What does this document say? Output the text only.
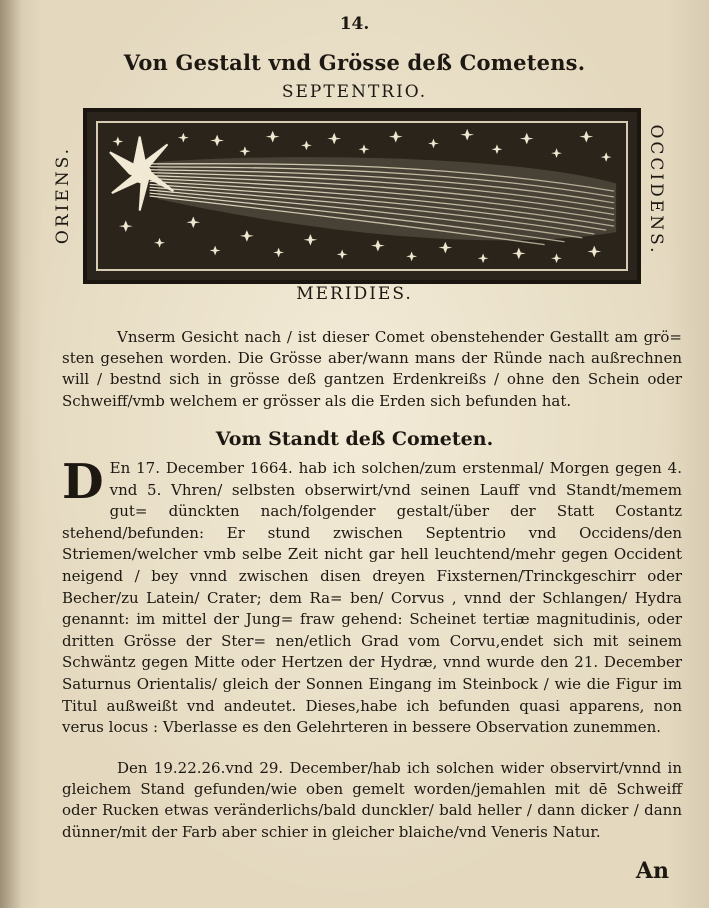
14.
Von Gestalt vnd Grösse deß Cometens.
SEPTENTRIO.
ORIENS.	OCCIDENS.
MERIDIES.

Vnserm Gesicht nach / ist dieser Comet obenstehender Gestallt am grö= sten gesehen worden. Die Grösse aber/wann mans der Ründe nach außrechnen will / bestnd sich in grösse deß gantzen Erdenkreißs / ohne den Schein oder Schweiff/vmb welchem er grösser als die Erden sich befunden hat.

Vom Standt deß Cometen.

D En 17. December 1664. hab ich solchen/zum erstenmal/ Morgen gegen 4. vnd 5. Vhren/ selbsten obserwirt/vnd seinen Lauff vnd Standt/memem gut= dünckten nach/folgender gestalt/über der Statt Costantz stehend/befunden: Er stund zwischen Septentrio vnd Occidens/den Striemen/welcher vmb selbe Zeit nicht gar hell leuchtend/mehr gegen Occident neigend / bey vnnd zwischen disen dreyen Fixsternen/Trinckgeschirr oder Becher/zu Latein/ Crater; dem Ra= ben/ Corvus , vnnd der Schlangen/ Hydra genannt: im mittel der Jung= fraw gehend: Scheinet tertiæ magnitudinis, oder dritten Grösse der Ster= nen/etlich Grad vom Corvu,endet sich mit seinem Schwäntz gegen Mitte oder Hertzen der Hydræ, vnnd wurde den 21. December Saturnus Orientalis/ gleich der Sonnen Eingang im Steinbock / wie die Figur im Titul außweißt vnd andeutet. Dieses,habe ich befunden quasi apparens, non verus locus : Vberlasse es den Gelehrteren in bessere Observation zunemmen.

Den 19.22.26.vnd 29. December/hab ich solchen wider observirt/vnnd in gleichem Stand gefunden/wie oben gemelt worden/jemahlen mit dē Schweiff oder Rucken etwas veränderlichs/bald dunckler/ bald heller / dann dicker / dann dünner/mit der Farb aber schier in gleicher blaiche/vnd Veneris Natur.

An
